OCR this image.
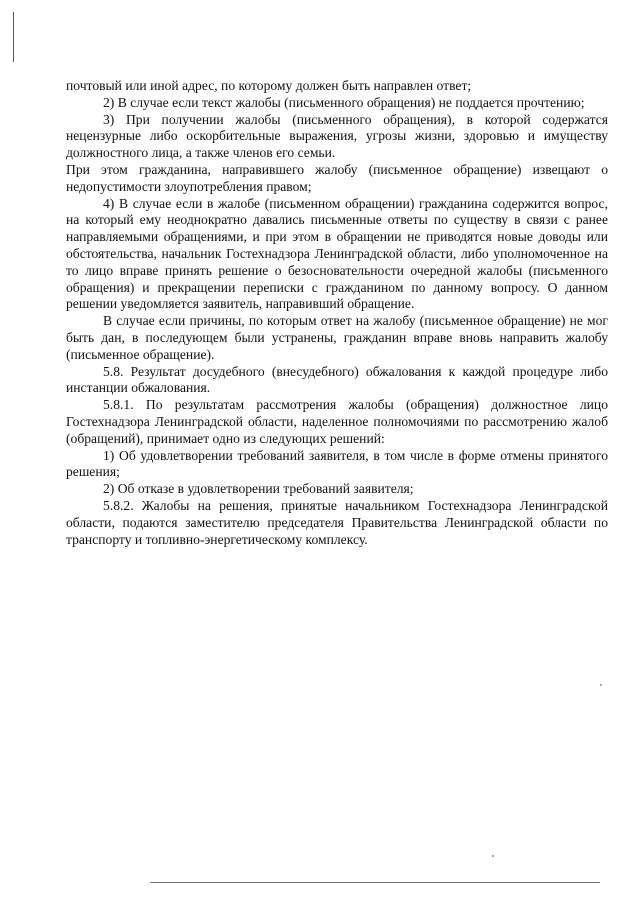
почтовый или иной адрес, по которому должен быть направлен ответ;

2) В случае если текст жалобы (письменного обращения) не поддается прочтению;

3) При получении жалобы (письменного обращения), в которой содержатся нецензурные либо оскорбительные выражения, угрозы жизни, здоровью и имуществу должностного лица, а также членов его семьи.

При этом гражданина, направившего жалобу (письменное обращение) извещают о недопустимости злоупотребления правом;

4) В случае если в жалобе (письменном обращении) гражданина содержится вопрос, на который ему неоднократно давались письменные ответы по существу в связи с ранее направляемыми обращениями, и при этом в обращении не приводятся новые доводы или обстоятельства, начальник Гостехнадзора Ленинградской области, либо уполномоченное на то лицо вправе принять решение о безосновательности очередной жалобы (письменного обращения) и прекращении переписки с гражданином по данному вопросу. О данном решении уведомляется заявитель, направивший обращение.

В случае если причины, по которым ответ на жалобу (письменное обращение) не мог быть дан, в последующем были устранены, гражданин вправе вновь направить жалобу (письменное обращение).

5.8. Результат досудебного (внесудебного) обжалования к каждой процедуре либо инстанции обжалования.

5.8.1. По результатам рассмотрения жалобы (обращения) должностное лицо Гостехнадзора Ленинградской области, наделенное полномочиями по рассмотрению жалоб (обращений), принимает одно из следующих решений:

1) Об удовлетворении требований заявителя, в том числе в форме отмены принятого решения;

2) Об отказе в удовлетворении требований заявителя;

5.8.2. Жалобы на решения, принятые начальником Гостехнадзора Ленинградской области, подаются заместителю председателя Правительства Ленинградской области по транспорту и топливно-энергетическому комплексу.
